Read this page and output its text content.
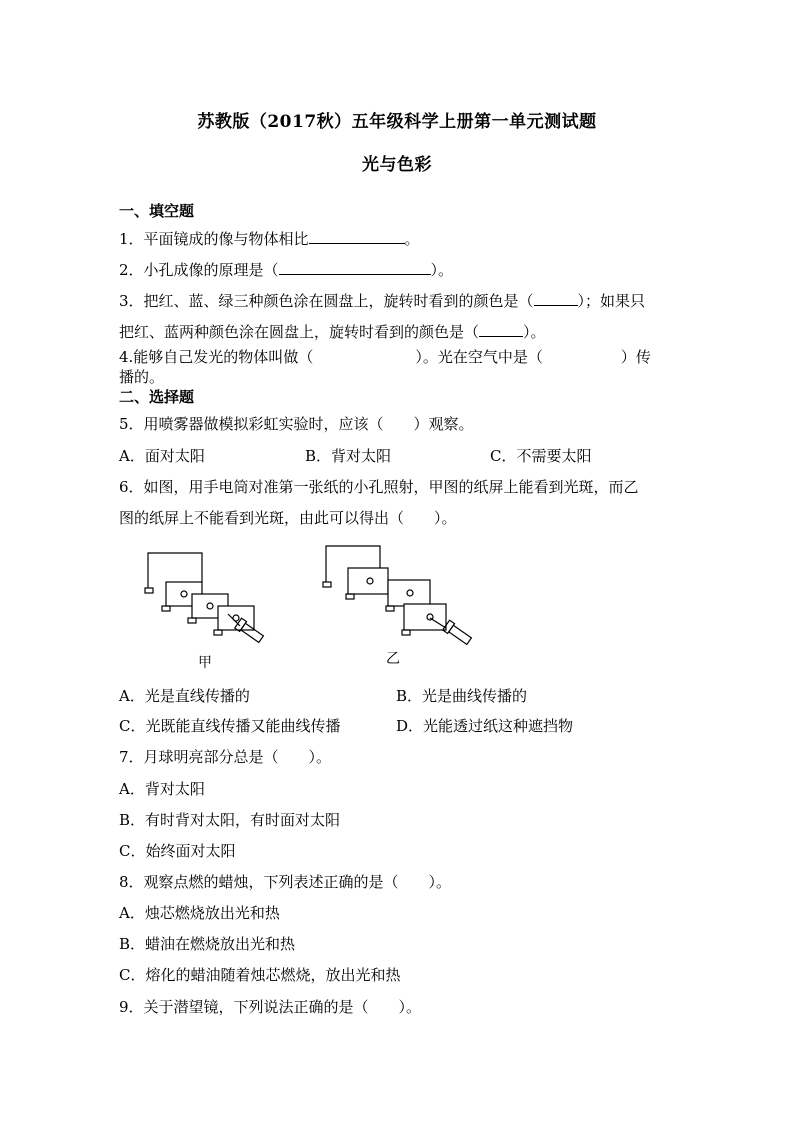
苏教版（2017秋）五年级科学上册第一单元测试题
光与色彩
一、填空题
1．平面镜成的像与物体相比	。
2．小孔成像的原理是（	）。
3．把红、蓝、绿三种颜色涂在圆盘上，旋转时看到的颜色是（	）；如果只
把红、蓝两种颜色涂在圆盘上，旋转时看到的颜色是（	）。
4.能够自己发光的物体叫做（	）。光在空气中是（	）传
播的。
二、选择题
5．用喷雾器做模拟彩虹实验时，应该（　　）观察。
A．面对太阳	B．背对太阳	C．不需要太阳
6．如图，用手电筒对准第一张纸的小孔照射，甲图的纸屏上能看到光斑，而乙
图的纸屏上不能看到光斑，由此可以得出（　　）。
甲	乙
A．光是直线传播的	B．光是曲线传播的
C．光既能直线传播又能曲线传播	D．光能透过纸这种遮挡物
7．月球明亮部分总是（　　）。
A．背对太阳
B．有时背对太阳，有时面对太阳
C．始终面对太阳
8．观察点燃的蜡烛，下列表述正确的是（　　）。
A．烛芯燃烧放出光和热
B．蜡油在燃烧放出光和热
C．熔化的蜡油随着烛芯燃烧，放出光和热
9．关于潜望镜，下列说法正确的是（　　）。
